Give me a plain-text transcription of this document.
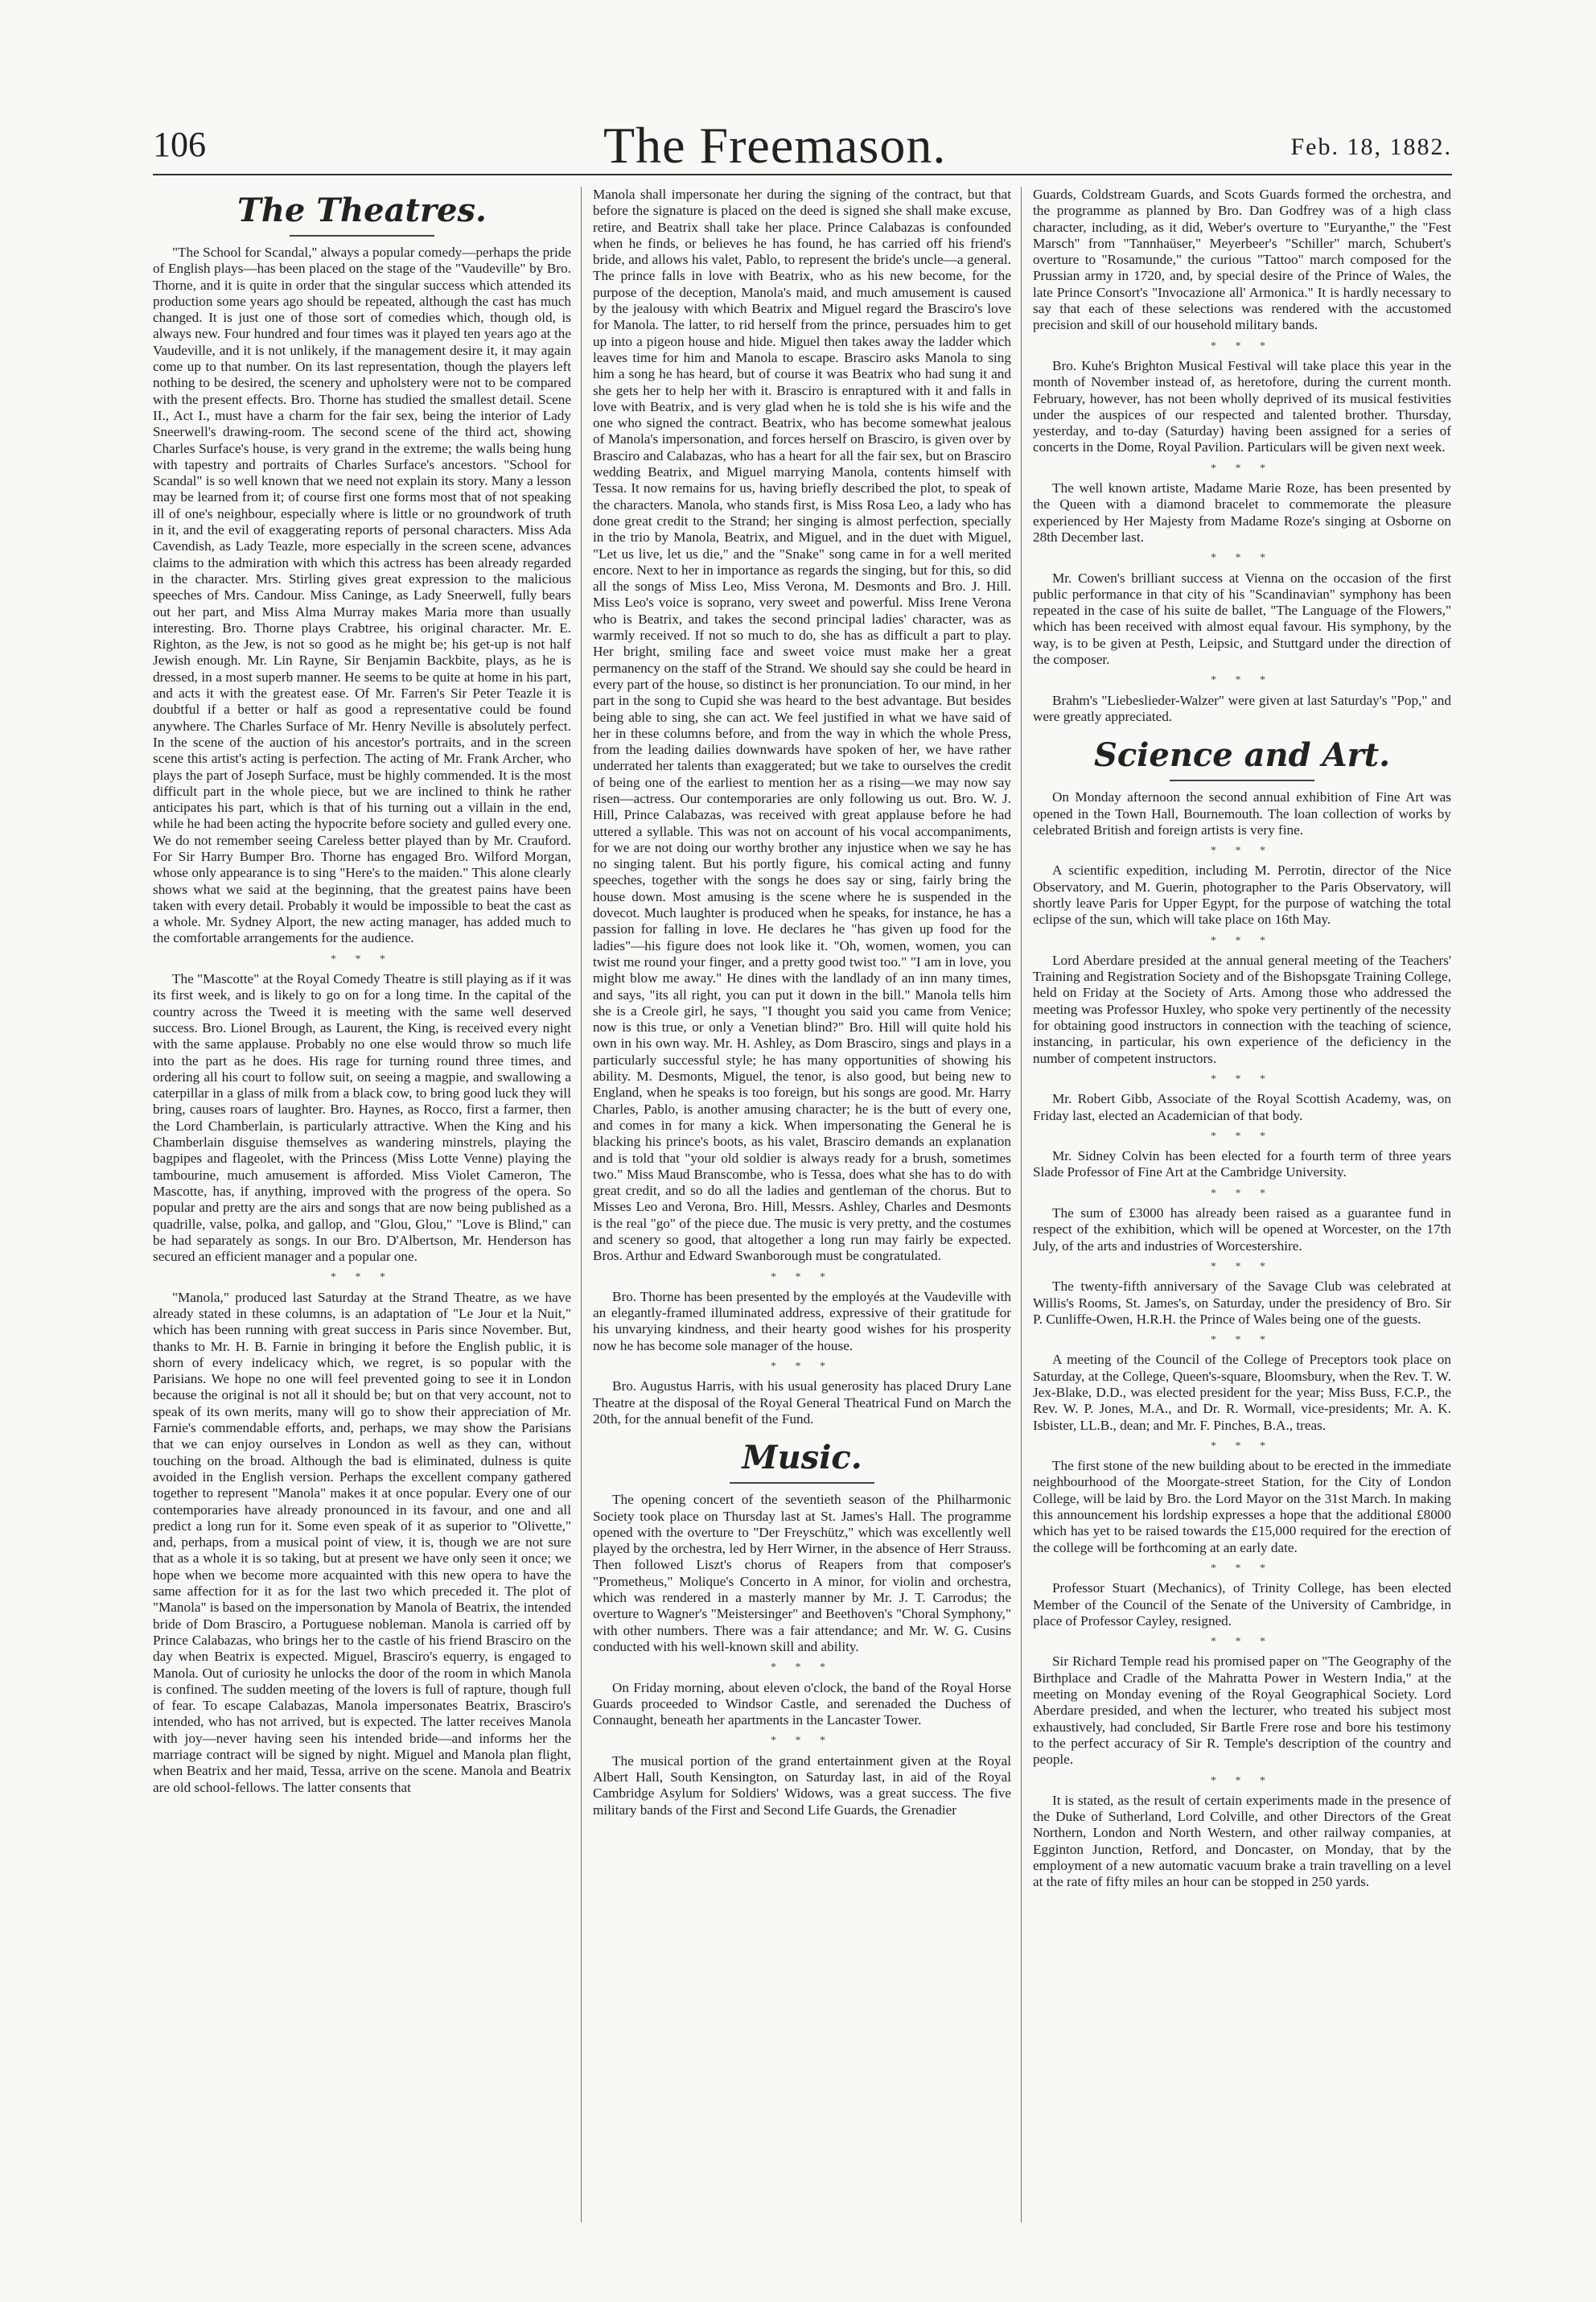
106	The Freemason.	Feb. 18, 1882.
The Theatres.

"The School for Scandal," always a popular comedy—perhaps the pride of English plays—has been placed on the stage of the "Vaudeville" by Bro. Thorne, and it is quite in order that the singular success which attended its production some years ago should be repeated, although the cast has much changed. It is just one of those sort of comedies which, though old, is always new. Four hundred and four times was it played ten years ago at the Vaudeville, and it is not unlikely, if the management desire it, it may again come up to that number. On its last representation, though the players left nothing to be desired, the scenery and upholstery were not to be compared with the present effects. Bro. Thorne has studied the smallest detail. Scene II., Act I., must have a charm for the fair sex, being the interior of Lady Sneerwell's drawing-room. The second scene of the third act, showing Charles Surface's house, is very grand in the extreme; the walls being hung with tapestry and portraits of Charles Surface's ancestors. "School for Scandal" is so well known that we need not explain its story. Many a lesson may be learned from it; of course first one forms most that of not speaking ill of one's neighbour, especially where is little or no groundwork of truth in it, and the evil of exaggerating reports of personal characters. Miss Ada Cavendish, as Lady Teazle, more especially in the screen scene, advances claims to the admiration with which this actress has been already regarded in the character. Mrs. Stirling gives great expression to the malicious speeches of Mrs. Candour. Miss Caninge, as Lady Sneerwell, fully bears out her part, and Miss Alma Murray makes Maria more than usually interesting. Bro. Thorne plays Crabtree, his original character. Mr. E. Righton, as the Jew, is not so good as he might be; his get-up is not half Jewish enough. Mr. Lin Rayne, Sir Benjamin Backbite, plays, as he is dressed, in a most superb manner. He seems to be quite at home in his part, and acts it with the greatest ease. Of Mr. Farren's Sir Peter Teazle it is doubtful if a better or half as good a representative could be found anywhere. The Charles Surface of Mr. Henry Neville is absolutely perfect. In the scene of the auction of his ancestor's portraits, and in the screen scene this artist's acting is perfection. The acting of Mr. Frank Archer, who plays the part of Joseph Surface, must be highly commended. It is the most difficult part in the whole piece, but we are inclined to think he rather anticipates his part, which is that of his turning out a villain in the end, while he had been acting the hypocrite before society and gulled every one. We do not remember seeing Careless better played than by Mr. Crauford. For Sir Harry Bumper Bro. Thorne has engaged Bro. Wilford Morgan, whose only appearance is to sing "Here's to the maiden." This alone clearly shows what we said at the beginning, that the greatest pains have been taken with every detail. Probably it would be impossible to beat the cast as a whole. Mr. Sydney Alport, the new acting manager, has added much to the comfortable arrangements for the audience.

* * *

The "Mascotte" at the Royal Comedy Theatre is still playing as if it was its first week, and is likely to go on for a long time. In the capital of the country across the Tweed it is meeting with the same well deserved success. Bro. Lionel Brough, as Laurent, the King, is received every night with the same applause. Probably no one else would throw so much life into the part as he does. His rage for turning round three times, and ordering all his court to follow suit, on seeing a magpie, and swallowing a caterpillar in a glass of milk from a black cow, to bring good luck they will bring, causes roars of laughter. Bro. Haynes, as Rocco, first a farmer, then the Lord Chamberlain, is particularly attractive. When the King and his Chamberlain disguise themselves as wandering minstrels, playing the bagpipes and flageolet, with the Princess (Miss Lotte Venne) playing the tambourine, much amusement is afforded. Miss Violet Cameron, The Mascotte, has, if anything, improved with the progress of the opera. So popular and pretty are the airs and songs that are now being published as a quadrille, valse, polka, and gallop, and "Glou, Glou," "Love is Blind," can be had separately as songs. In our Bro. D'Albertson, Mr. Henderson has secured an efficient manager and a popular one.

* * *

"Manola," produced last Saturday at the Strand Theatre, as we have already stated in these columns, is an adaptation of "Le Jour et la Nuit," which has been running with great success in Paris since November. But, thanks to Mr. H. B. Farnie in bringing it before the English public, it is shorn of every indelicacy which, we regret, is so popular with the Parisians. We hope no one will feel prevented going to see it in London because the original is not all it should be; but on that very account, not to speak of its own merits, many will go to show their appreciation of Mr. Farnie's commendable efforts, and, perhaps, we may show the Parisians that we can enjoy ourselves in London as well as they can, without touching on the broad. Although the bad is eliminated, dulness is quite avoided in the English version. Perhaps the excellent company gathered together to represent "Manola" makes it at once popular. Every one of our contemporaries have already pronounced in its favour, and one and all predict a long run for it. Some even speak of it as superior to "Olivette," and, perhaps, from a musical point of view, it is, though we are not sure that as a whole it is so taking, but at present we have only seen it once; we hope when we become more acquainted with this new opera to have the same affection for it as for the last two which preceded it. The plot of "Manola" is based on the impersonation by Manola of Beatrix, the intended bride of Dom Brasciro, a Portuguese nobleman. Manola is carried off by Prince Calabazas, who brings her to the castle of his friend Brasciro on the day when Beatrix is expected. Miguel, Brasciro's equerry, is engaged to Manola. Out of curiosity he unlocks the door of the room in which Manola is confined. The sudden meeting of the lovers is full of rapture, though full of fear. To escape Calabazas, Manola impersonates Beatrix, Brasciro's intended, who has not arrived, but is expected. The latter receives Manola with joy—never having seen his intended bride—and informs her the marriage contract will be signed by night. Miguel and Manola plan flight, when Beatrix and her maid, Tessa, arrive on the scene. Manola and Beatrix are old school-fellows. The latter consents that

Manola shall impersonate her during the signing of the contract, but that before the signature is placed on the deed is signed she shall make excuse, retire, and Beatrix shall take her place. Prince Calabazas is confounded when he finds, or believes he has found, he has carried off his friend's bride, and allows his valet, Pablo, to represent the bride's uncle—a general. The prince falls in love with Beatrix, who as his new become, for the purpose of the deception, Manola's maid, and much amusement is caused by the jealousy with which Beatrix and Miguel regard the Brasciro's love for Manola. The latter, to rid herself from the prince, persuades him to get up into a pigeon house and hide. Miguel then takes away the ladder which leaves time for him and Manola to escape. Brasciro asks Manola to sing him a song he has heard, but of course it was Beatrix who had sung it and she gets her to help her with it. Brasciro is enraptured with it and falls in love with Beatrix, and is very glad when he is told she is his wife and the one who signed the contract. Beatrix, who has become somewhat jealous of Manola's impersonation, and forces herself on Brasciro, is given over by Brasciro and Calabazas, who has a heart for all the fair sex, but on Brasciro wedding Beatrix, and Miguel marrying Manola, contents himself with Tessa. It now remains for us, having briefly described the plot, to speak of the characters. Manola, who stands first, is Miss Rosa Leo, a lady who has done great credit to the Strand; her singing is almost perfection, specially in the trio by Manola, Beatrix, and Miguel, and in the duet with Miguel, "Let us live, let us die," and the "Snake" song came in for a well merited encore. Next to her in importance as regards the singing, but for this, so did all the songs of Miss Leo, Miss Verona, M. Desmonts and Bro. J. Hill. Miss Leo's voice is soprano, very sweet and powerful. Miss Irene Verona who is Beatrix, and takes the second principal ladies' character, was as warmly received. If not so much to do, she has as difficult a part to play. Her bright, smiling face and sweet voice must make her a great permanency on the staff of the Strand. We should say she could be heard in every part of the house, so distinct is her pronunciation. To our mind, in her part in the song to Cupid she was heard to the best advantage. But besides being able to sing, she can act. We feel justified in what we have said of her in these columns before, and from the way in which the whole Press, from the leading dailies downwards have spoken of her, we have rather underrated her talents than exaggerated; but we take to ourselves the credit of being one of the earliest to mention her as a rising—we may now say risen—actress. Our contemporaries are only following us out. Bro. W. J. Hill, Prince Calabazas, was received with great applause before he had uttered a syllable. This was not on account of his vocal accompaniments, for we are not doing our worthy brother any injustice when we say he has no singing talent. But his portly figure, his comical acting and funny speeches, together with the songs he does say or sing, fairly bring the house down. Most amusing is the scene where he is suspended in the dovecot. Much laughter is produced when he speaks, for instance, he has a passion for falling in love. He declares he "has given up food for the ladies"—his figure does not look like it. "Oh, women, women, you can twist me round your finger, and a pretty good twist too." "I am in love, you might blow me away." He dines with the landlady of an inn many times, and says, "its all right, you can put it down in the bill." Manola tells him she is a Creole girl, he says, "I thought you said you came from Venice; now is this true, or only a Venetian blind?" Bro. Hill will quite hold his own in his own way. Mr. H. Ashley, as Dom Brasciro, sings and plays in a particularly successful style; he has many opportunities of showing his ability. M. Desmonts, Miguel, the tenor, is also good, but being new to England, when he speaks is too foreign, but his songs are good. Mr. Harry Charles, Pablo, is another amusing character; he is the butt of every one, and comes in for many a kick. When impersonating the General he is blacking his prince's boots, as his valet, Brasciro demands an explanation and is told that "your old soldier is always ready for a brush, sometimes two." Miss Maud Branscombe, who is Tessa, does what she has to do with great credit, and so do all the ladies and gentleman of the chorus. But to Misses Leo and Verona, Bro. Hill, Messrs. Ashley, Charles and Desmonts is the real "go" of the piece due. The music is very pretty, and the costumes and scenery so good, that altogether a long run may fairly be expected. Bros. Arthur and Edward Swanborough must be congratulated.

* * *

Bro. Thorne has been presented by the employés at the Vaudeville with an elegantly-framed illuminated address, expressive of their gratitude for his unvarying kindness, and their hearty good wishes for his prosperity now he has become sole manager of the house.

* * *

Bro. Augustus Harris, with his usual generosity has placed Drury Lane Theatre at the disposal of the Royal General Theatrical Fund on March the 20th, for the annual benefit of the Fund.

Music.

The opening concert of the seventieth season of the Philharmonic Society took place on Thursday last at St. James's Hall. The programme opened with the overture to "Der Freyschütz," which was excellently well played by the orchestra, led by Herr Wirner, in the absence of Herr Strauss. Then followed Liszt's chorus of Reapers from that composer's "Prometheus," Molique's Concerto in A minor, for violin and orchestra, which was rendered in a masterly manner by Mr. J. T. Carrodus; the overture to Wagner's "Meistersinger" and Beethoven's "Choral Symphony," with other numbers. There was a fair attendance; and Mr. W. G. Cusins conducted with his well-known skill and ability.

* * *

On Friday morning, about eleven o'clock, the band of the Royal Horse Guards proceeded to Windsor Castle, and serenaded the Duchess of Connaught, beneath her apartments in the Lancaster Tower.

* * *

The musical portion of the grand entertainment given at the Royal Albert Hall, South Kensington, on Saturday last, in aid of the Royal Cambridge Asylum for Soldiers' Widows, was a great success. The five military bands of the First and Second Life Guards, the Grenadier

Guards, Coldstream Guards, and Scots Guards formed the orchestra, and the programme as planned by Bro. Dan Godfrey was of a high class character, including, as it did, Weber's overture to "Euryanthe," the "Fest Marsch" from "Tannhaüser," Meyerbeer's "Schiller" march, Schubert's overture to "Rosamunde," the curious "Tattoo" march composed for the Prussian army in 1720, and, by special desire of the Prince of Wales, the late Prince Consort's "Invocazione all' Armonica." It is hardly necessary to say that each of these selections was rendered with the accustomed precision and skill of our household military bands.

* * *

Bro. Kuhe's Brighton Musical Festival will take place this year in the month of November instead of, as heretofore, during the current month. February, however, has not been wholly deprived of its musical festivities under the auspices of our respected and talented brother. Thursday, yesterday, and to-day (Saturday) having been assigned for a series of concerts in the Dome, Royal Pavilion. Particulars will be given next week.

* * *

The well known artiste, Madame Marie Roze, has been presented by the Queen with a diamond bracelet to commemorate the pleasure experienced by Her Majesty from Madame Roze's singing at Osborne on 28th December last.

* * *

Mr. Cowen's brilliant success at Vienna on the occasion of the first public performance in that city of his "Scandinavian" symphony has been repeated in the case of his suite de ballet, "The Language of the Flowers," which has been received with almost equal favour. His symphony, by the way, is to be given at Pesth, Leipsic, and Stuttgard under the direction of the composer.

* * *

Brahm's "Liebeslieder-Walzer" were given at last Saturday's "Pop," and were greatly appreciated.

Science and Art.

On Monday afternoon the second annual exhibition of Fine Art was opened in the Town Hall, Bournemouth. The loan collection of works by celebrated British and foreign artists is very fine.

* * *

A scientific expedition, including M. Perrotin, director of the Nice Observatory, and M. Guerin, photographer to the Paris Observatory, will shortly leave Paris for Upper Egypt, for the purpose of watching the total eclipse of the sun, which will take place on 16th May.

* * *

Lord Aberdare presided at the annual general meeting of the Teachers' Training and Registration Society and of the Bishopsgate Training College, held on Friday at the Society of Arts. Among those who addressed the meeting was Professor Huxley, who spoke very pertinently of the necessity for obtaining good instructors in connection with the teaching of science, instancing, in particular, his own experience of the deficiency in the number of competent instructors.

* * *

Mr. Robert Gibb, Associate of the Royal Scottish Academy, was, on Friday last, elected an Academician of that body.

* * *

Mr. Sidney Colvin has been elected for a fourth term of three years Slade Professor of Fine Art at the Cambridge University.

* * *

The sum of £3000 has already been raised as a guarantee fund in respect of the exhibition, which will be opened at Worcester, on the 17th July, of the arts and industries of Worcestershire.

* * *

The twenty-fifth anniversary of the Savage Club was celebrated at Willis's Rooms, St. James's, on Saturday, under the presidency of Bro. Sir P. Cunliffe-Owen, H.R.H. the Prince of Wales being one of the guests.

* * *

A meeting of the Council of the College of Preceptors took place on Saturday, at the College, Queen's-square, Bloomsbury, when the Rev. T. W. Jex-Blake, D.D., was elected president for the year; Miss Buss, F.C.P., the Rev. W. P. Jones, M.A., and Dr. R. Wormall, vice-presidents; Mr. A. K. Isbister, LL.B., dean; and Mr. F. Pinches, B.A., treas.

* * *

The first stone of the new building about to be erected in the immediate neighbourhood of the Moorgate-street Station, for the City of London College, will be laid by Bro. the Lord Mayor on the 31st March. In making this announcement his lordship expresses a hope that the additional £8000 which has yet to be raised towards the £15,000 required for the erection of the college will be forthcoming at an early date.

* * *

Professor Stuart (Mechanics), of Trinity College, has been elected Member of the Council of the Senate of the University of Cambridge, in place of Professor Cayley, resigned.

* * *

Sir Richard Temple read his promised paper on "The Geography of the Birthplace and Cradle of the Mahratta Power in Western India," at the meeting on Monday evening of the Royal Geographical Society. Lord Aberdare presided, and when the lecturer, who treated his subject most exhaustively, had concluded, Sir Bartle Frere rose and bore his testimony to the perfect accuracy of Sir R. Temple's description of the country and people.

* * *

It is stated, as the result of certain experiments made in the presence of the Duke of Sutherland, Lord Colville, and other Directors of the Great Northern, London and North Western, and other railway companies, at Egginton Junction, Retford, and Doncaster, on Monday, that by the employment of a new automatic vacuum brake a train travelling on a level at the rate of fifty miles an hour can be stopped in 250 yards.
